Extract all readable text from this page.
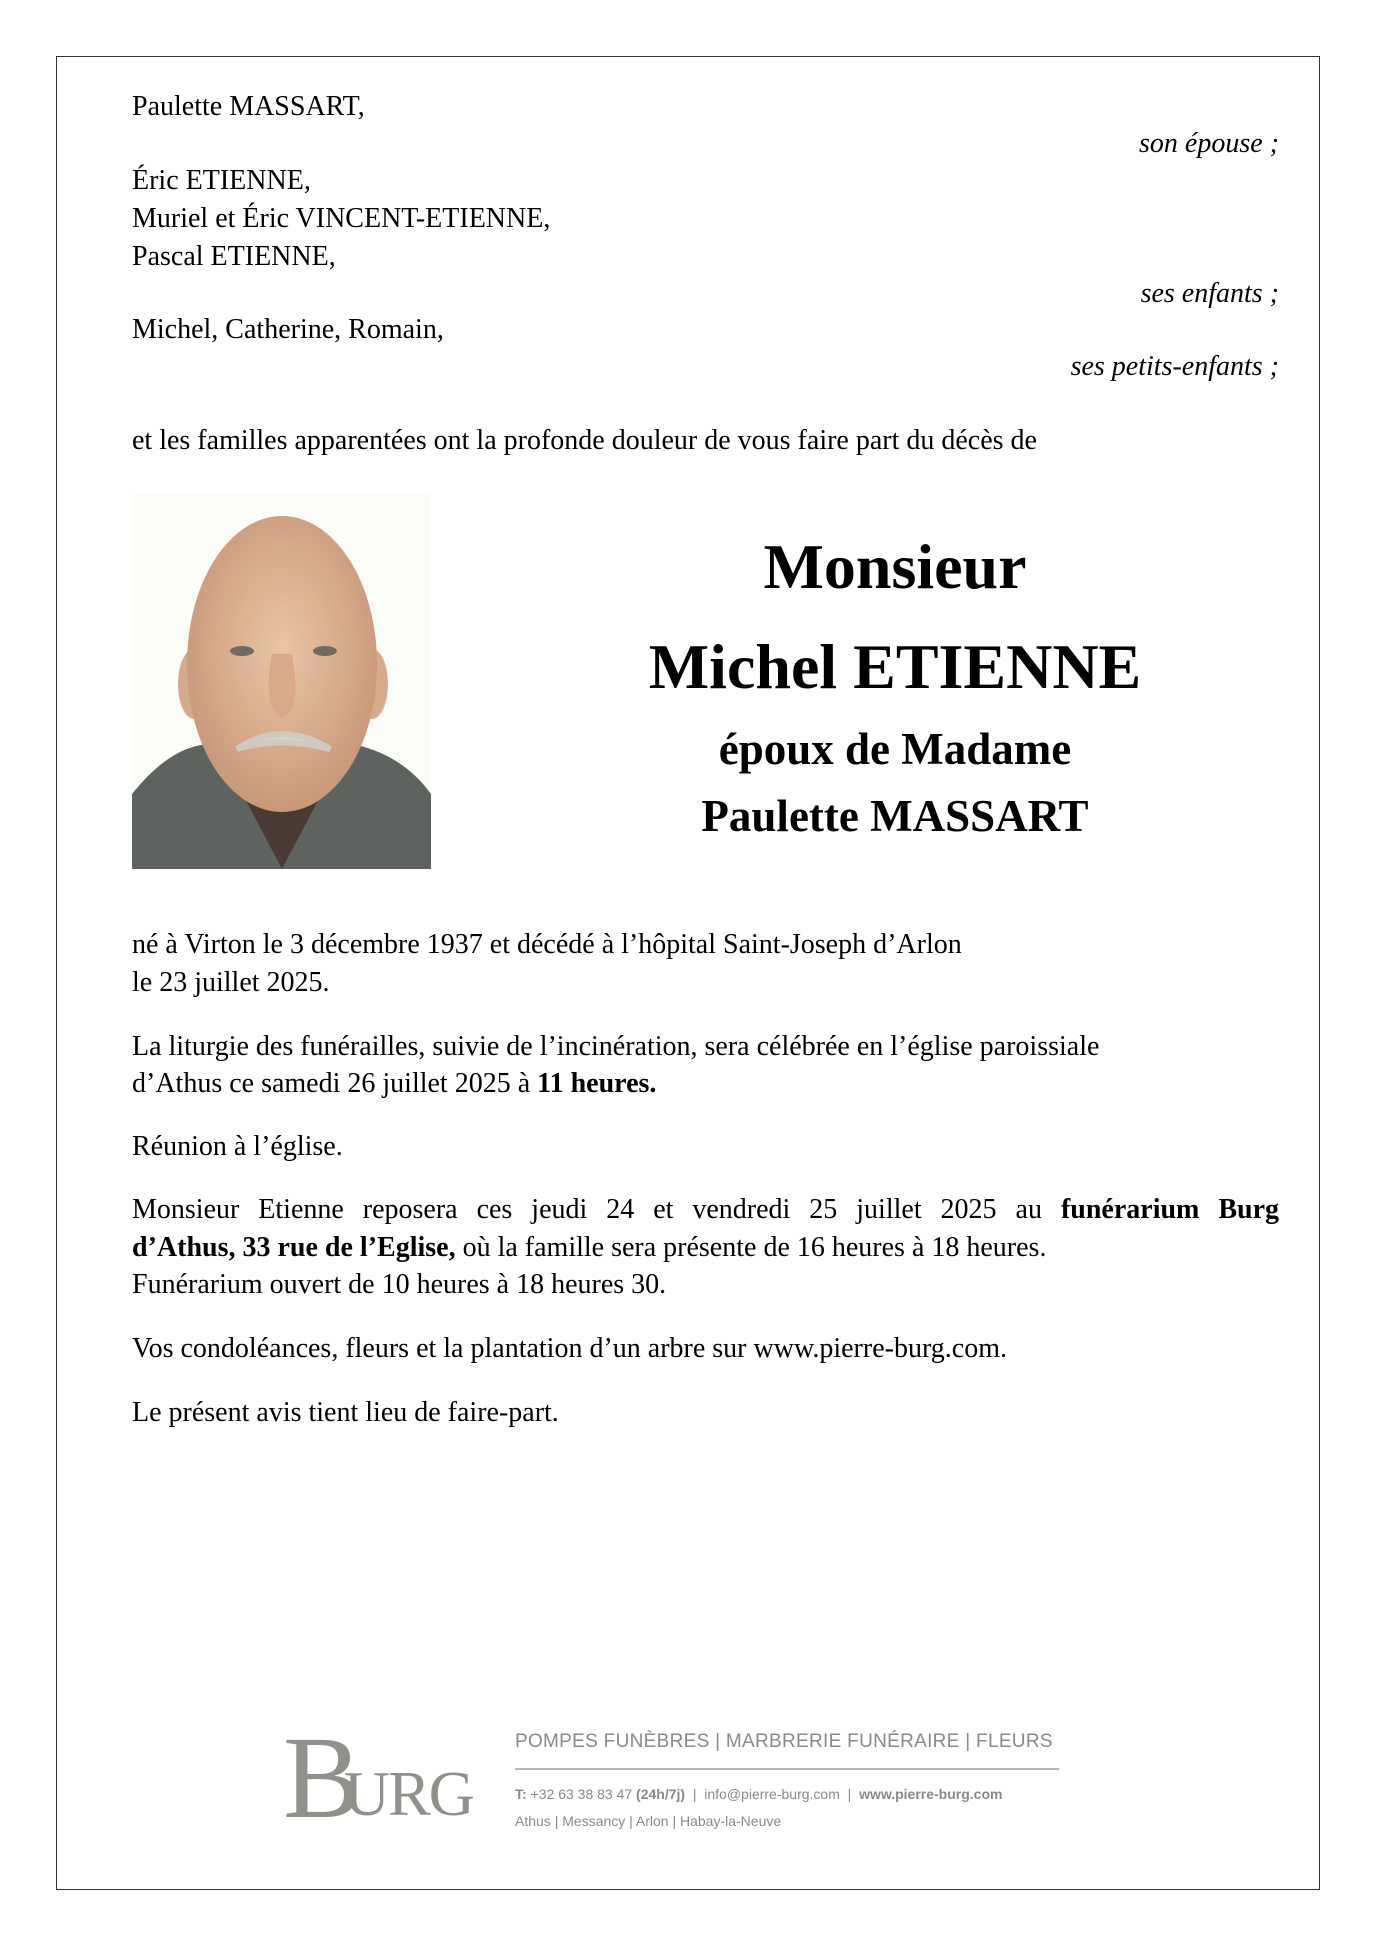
Paulette MASSART,
son épouse ;
Éric ETIENNE,
Muriel et Éric VINCENT-ETIENNE,
Pascal ETIENNE,
ses enfants ;
Michel, Catherine, Romain,
ses petits-enfants ;
et les familles apparentées ont la profonde douleur de vous faire part du décès de
Monsieur
Michel ETIENNE
époux de Madame
Paulette MASSART
né à Virton le 3 décembre 1937 et décédé à l’hôpital Saint-Joseph d’Arlon
le 23 juillet 2025.
La liturgie des funérailles, suivie de l’incinération, sera célébrée en l’église paroissiale
d’Athus ce samedi 26 juillet 2025 à 11 heures.
Réunion à l’église.
Monsieur Etienne reposera ces jeudi 24 et vendredi 25 juillet 2025 au funérarium Burg
d’Athus, 33 rue de l’Eglise, où la famille sera présente de 16 heures à 18 heures.
Funérarium ouvert de 10 heures à 18 heures 30.
Vos condoléances, fleurs et la plantation d’un arbre sur www.pierre-burg.com.
Le présent avis tient lieu de faire-part.
BURG
POMPES FUNÈBRES | MARBRERIE FUNÉRAIRE | FLEURS
T: +32 63 38 83 47 (24h/7j)  |  info@pierre-burg.com  |  www.pierre-burg.com
Athus | Messancy | Arlon | Habay-la-Neuve
